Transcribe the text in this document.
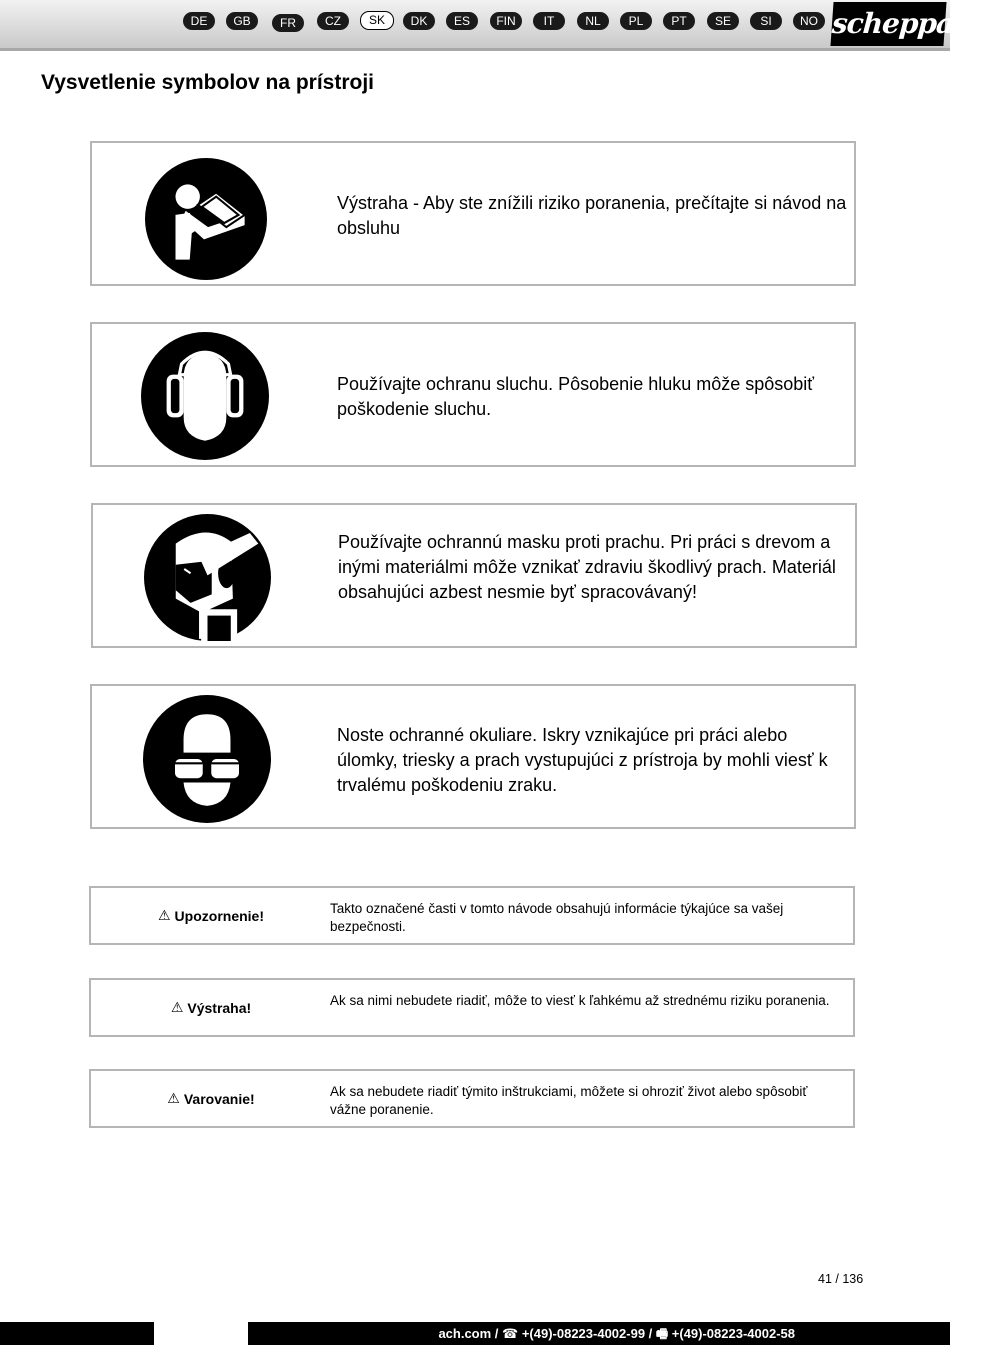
DE	GB	FR	CZ	SK	DK	ES	FIN	IT	NL	PL	PT	SE	SI	NO scheppach
Vysvetlenie symbolov na prístroji
Výstraha - Aby ste znížili riziko poranenia, prečítajte si návod na obsluhu
Používajte ochranu sluchu. Pôsobenie hluku môže spôsobiť poškodenie sluchu.
Používajte ochrannú masku proti prachu. Pri práci s drevom a inými materiálmi môže vznikať zdraviu škodlivý prach. Materiál obsahujúci azbest nesmie byť spracovávaný!
Noste ochranné okuliare. Iskry vznikajúce pri práci alebo úlomky, triesky a prach vystupujúci z prístroja by mohli viesť k trvalému poškodeniu zraku.
⚠ Upozornenie!	Takto označené časti v tomto návode obsahujú informácie týkajúce sa vašej bezpečnosti.
⚠ Výstraha!	Ak sa nimi nebudete riadiť, môže to viesť k ľahkému až strednému riziku poranenia.
⚠ Varovanie!	Ak sa nebudete riadiť týmito inštrukciami, môžete si ohroziť život alebo spôsobiť vážne poranenie.
41 / 136
ach.com / ☎ +(49)-08223-4002-99 / 🖷 +(49)-08223-4002-58
